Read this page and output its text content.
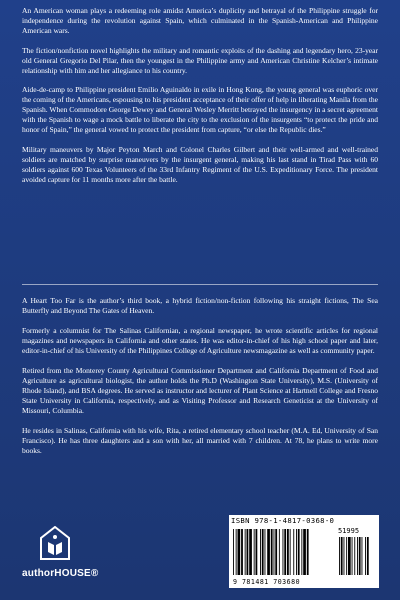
An American woman plays a redeeming role amidst America’s duplicity and betrayal of the Philippine struggle for independence during the revolution against Spain, which culminated in the Spanish-American and Philippine American wars.

The fiction/nonfiction novel highlights the military and romantic exploits of the dashing and legendary hero, 23-year old General Gregorio Del Pilar, then the youngest in the Philippine army and American Christine Kelcher’s intimate relationship with him and her allegiance to his country.

Aide-de-camp to Philippine president Emilio Aguinaldo in exile in Hong Kong, the young general was euphoric over the coming of the Americans, espousing to his president acceptance of their offer of help in liberating Manila from the Spanish. When Commodore George Dewey and General Wesley Merritt betrayed the insurgency in a secret agreement with the Spanish to wage a mock battle to liberate the city to the exclusion of the insurgents “to protect the pride and honor of Spain,” the general vowed to protect the president from capture, “or else the Republic dies.”

Military maneuvers by Major Peyton March and Colonel Charles Gilbert and their well-armed and well-trained soldiers are matched by surprise maneuvers by the insurgent general, making his last stand in Tirad Pass with 60 soldiers against 600 Texas Volunteers of the 33rd Infantry Regiment of the U.S. Expeditionary Force. The president avoided capture for 11 months more after the battle.

A Heart Too Far is the author’s third book, a hybrid fiction/non-fiction following his straight fictions, The Sea Butterfly and Beyond The Gates of Heaven.

Formerly a columnist for The Salinas Californian, a regional newspaper, he wrote scientific articles for regional magazines and newspapers in California and other states. He was editor-in-chief of his high school paper and later, editor-in-chief of his University of the Philippines College of Agriculture newsmagazine as well as community paper.

Retired from the Monterey County Agricultural Commissioner Department and California Department of Food and Agriculture as agricultural biologist, the author holds the Ph.D (Washington State University), M.S. (University of Rhode Island), and BSA degrees. He served as instructor and lecturer of Plant Science at Hartnell College and Fresno State University in California, respectively, and as Visiting Professor and Research Geneticist at the University of Missouri, Columbia.

He resides in Salinas, California with his wife, Rita, a retired elementary school teacher (M.A. Ed, University of San Francisco). He has three daughters and a son with her, all married with 7 children. At 78, he plans to write more books.

authorHOUSE®
ISBN 978-1-4817-0368-0
51995
9 781481 703680
